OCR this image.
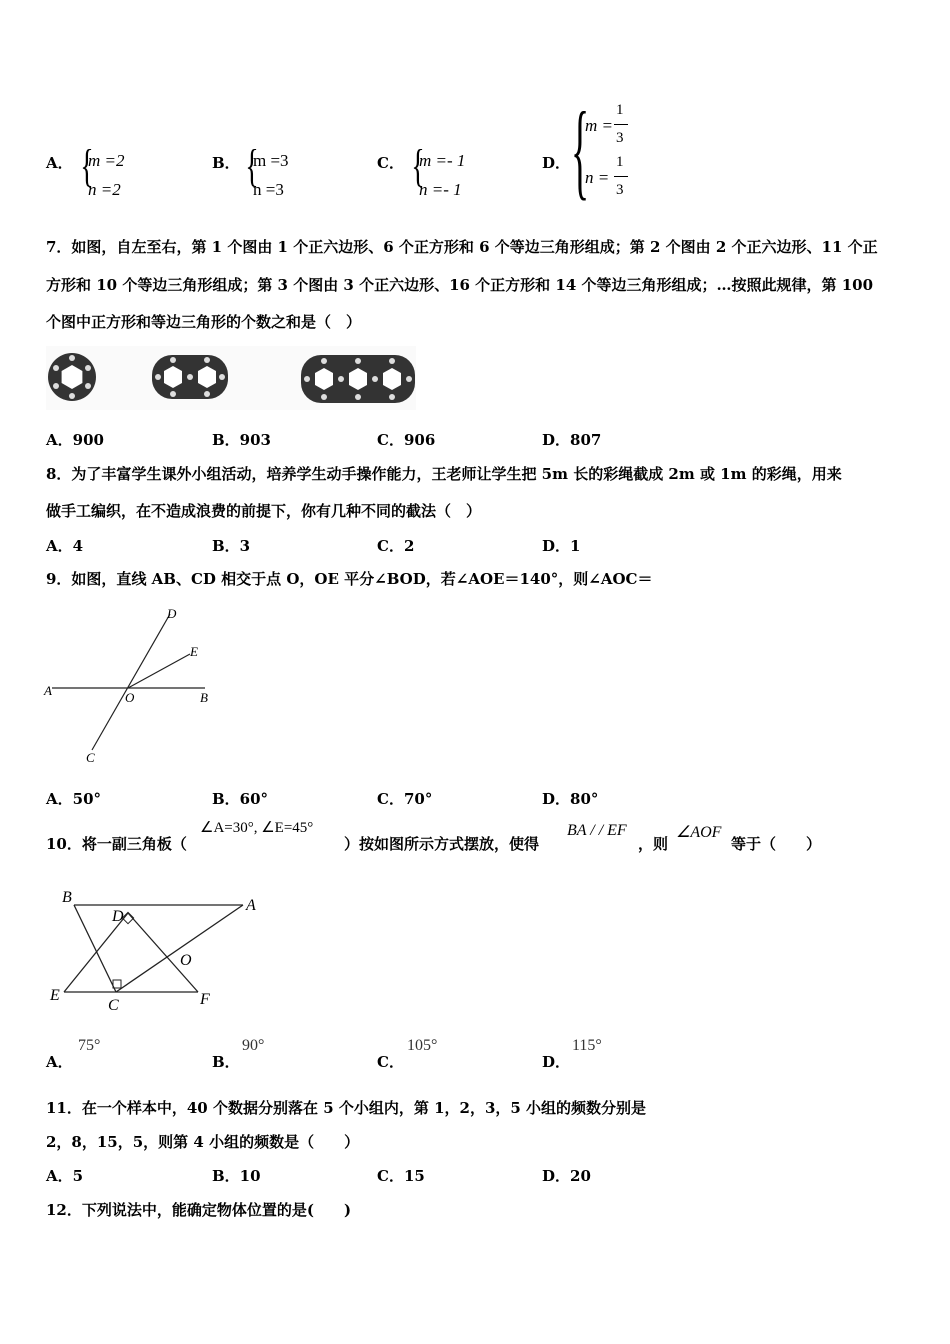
A． {
m =2
n =2
B． {
m =3
n =3
C． {
m =- 1
n =- 1
D． {
m =
1
3
n =
1
3
7．如图，自左至右，第 1 个图由 1 个正六边形、6 个正方形和 6 个等边三角形组成；第 2 个图由 2 个正六边形、11 个正
方形和 10 个等边三角形组成；第 3 个图由 3 个正六边形、16 个正方形和 14 个等边三角形组成；…按照此规律，第 100
个图中正方形和等边三角形的个数之和是（　）
A．900	B．903	C．906	D．807
8．为了丰富学生课外小组活动，培养学生动手操作能力，王老师让学生把 5m 长的彩绳截成 2m 或 1m 的彩绳，用来
做手工编织，在不造成浪费的前提下，你有几种不同的截法（　）
A．4	B．3	C．2	D．1
9．如图，直线 AB、CD 相交于点 O，OE 平分∠BOD，若∠AOE＝140°，则∠AOC＝
A	B
C
D
E
O
A．50°	B．60°	C．70°	D．80°
10．将一副三角板（
∠A=30°, ∠E=45°
）按如图所示方式摆放，使得
BA / / EF
，则
∠AOF
等于（　　）
B	A
D
E
C	F
O
A．
75°
B．
90°
C．
105°
D．
115°
11．在一个样本中，40 个数据分别落在 5 个小组内，第 1，2，3，5 小组的频数分别是
2，8，15，5，则第 4 小组的频数是（　　）
A．5	B．10	C．15	D．20
12．下列说法中，能确定物体位置的是(　　)
